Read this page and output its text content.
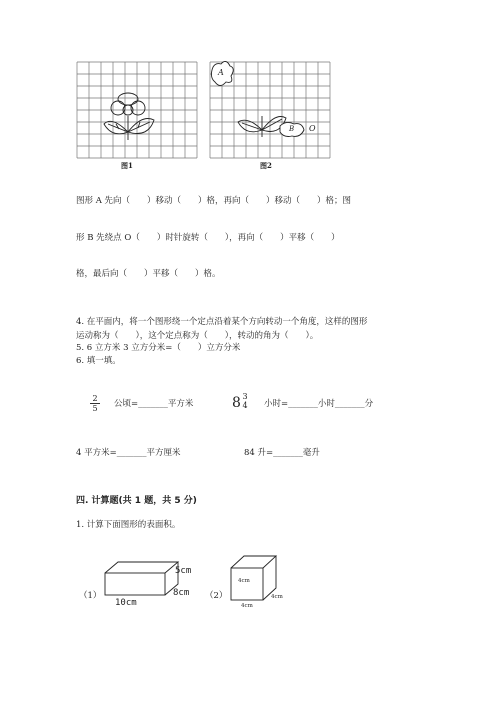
图1
A
B O
图2
图形 A 先向（　　）移动（　　）格，再向（　　）移动（　　）格；图
形 B 先绕点 O（　　）时针旋转（　　），再向（　　）平移（　　）
格，最后向（　　）平移（　　）格。
4. 在平面内，将一个图形绕一个定点沿着某个方向转动一个角度，这样的图形
运动称为（　　），这个定点称为（　　），转动的角为（　　）。
5. 6 立方米 3 立方分米=（　　）立方分米
6. 填一填。
$\frac{2}{5}$ 公顷=_______平方米	8 3
4 小时=_______小时_______分
4 平方米=_______平方厘米	84 升=_______毫升
四. 计算题(共 1 题，共 5 分)
1. 计算下面图形的表面积。
（1）
10cm
5cm
8cm （2）
4cm
4cm
4cm
